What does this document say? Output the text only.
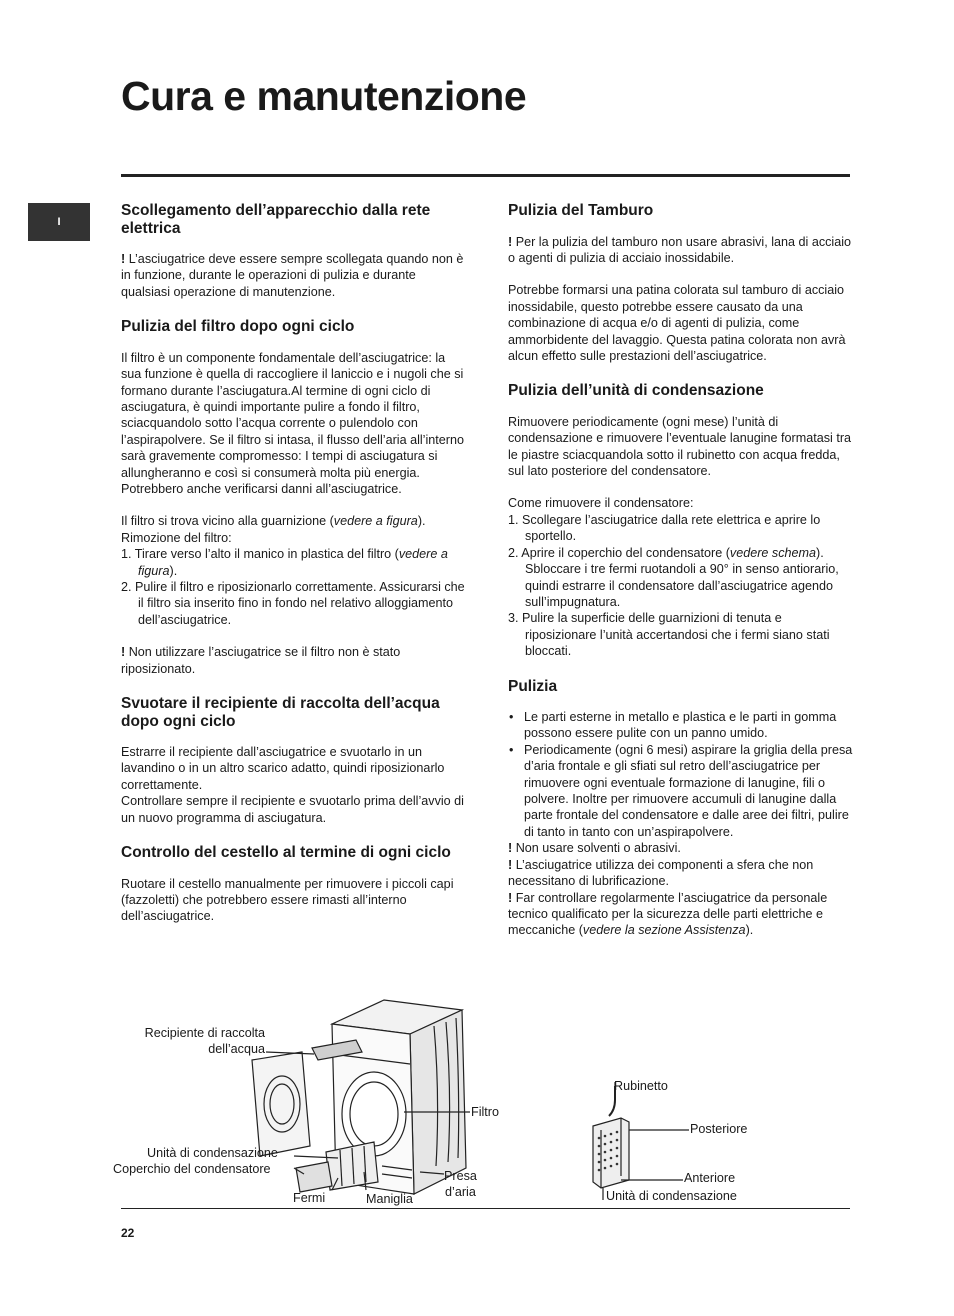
Cura e manutenzione
I
Scollegamento dell’apparecchio dalla rete elettrica

! L’asciugatrice deve essere sempre scollegata quando non è in funzione, durante le operazioni di pulizia e durante qualsiasi operazione di manutenzione.

Pulizia del filtro dopo ogni ciclo

Il filtro è un componente fondamentale dell’asciugatrice: la sua funzione è quella di raccogliere il laniccio e i nugoli che si formano durante l’asciugatura.Al termine di ogni ciclo di asciugatura, è quindi importante pulire a fondo il filtro, sciacquandolo sotto l’acqua corrente o pulendolo con l’aspirapolvere. Se il filtro si intasa, il flusso dell’aria all’interno sarà gravemente compromesso: I tempi di asciugatura si allungheranno e così si consumerà molta più energia. Potrebbero anche verificarsi danni all’asciugatrice.

Il filtro si trova vicino alla guarnizione (vedere a figura).

Rimozione del filtro:

1. Tirare verso l’alto il manico in plastica del filtro (vedere a figura).
2. Pulire il filtro e riposizionarlo correttamente. Assicurarsi che il filtro sia inserito fino in fondo nel relativo alloggiamento dell’asciugatrice.

! Non utilizzare l’asciugatrice se il filtro non è stato riposizionato.

Svuotare il recipiente di raccolta dell’acqua dopo ogni ciclo

Estrarre il recipiente dall’asciugatrice e svuotarlo in un lavandino o in un altro scarico adatto, quindi riposizionarlo correttamente.

Controllare sempre il recipiente e svuotarlo prima dell’avvio di un nuovo programma di asciugatura.

Controllo del cestello al termine di ogni ciclo

Ruotare il cestello manualmente per rimuovere i piccoli capi (fazzoletti) che potrebbero essere rimasti all’interno dell’asciugatrice.

Pulizia del Tamburo

! Per la pulizia del tamburo non usare abrasivi, lana di acciaio o agenti di pulizia di acciaio inossidabile.

Potrebbe formarsi una patina colorata sul tamburo di acciaio inossidabile, questo potrebbe essere causato da una combinazione di acqua e/o di agenti di pulizia, come ammorbidente del lavaggio. Questa patina colorata non avrà alcun effetto sulle prestazioni dell’asciugatrice.

Pulizia dell’unità di condensazione

Rimuovere periodicamente (ogni mese) l’unità di condensazione e rimuovere l’eventuale lanugine formatasi tra le piastre sciacquandola sotto il rubinetto con acqua fredda, sul lato posteriore del condensatore.

Come rimuovere il condensatore:

1. Scollegare l’asciugatrice dalla rete elettrica e aprire lo sportello.
2. Aprire il coperchio del condensatore (vedere schema). Sbloccare i tre fermi ruotandoli a 90° in senso antiorario, quindi estrarre il condensatore dall’asciugatrice agendo sull’impugnatura.
3. Pulire la superficie delle guarnizioni di tenuta e riposizionare l’unità accertandosi che i fermi siano stati bloccati.
Pulizia
• Le parti esterne in metallo e plastica e le parti in gomma possono essere pulite con un panno umido.
• Periodicamente (ogni 6 mesi) aspirare la griglia della presa d’aria frontale e gli sfiati sul retro dell’asciugatrice per rimuovere ogni eventuale formazione di lanugine, fili o polvere. Inoltre per rimuovere accumuli di lanugine dalla parte frontale del condensatore e dalle aree dei filtri, pulire di tanto in tanto con un’aspirapolvere.

! Non usare solventi o abrasivi.

! L’asciugatrice utilizza dei componenti a sfera che non necessitano di lubrificazione.

! Far controllare regolarmente l’asciugatrice da personale tecnico qualificato per la sicurezza delle parti elettriche e meccaniche (vedere la sezione Assistenza).

Recipiente di raccolta
dell’acqua
Filtro
Unità di condensazione
Coperchio del condensatore	Presa
d’aria
Fermi	Maniglia
Rubinetto
Posteriore
Anteriore
Unità di condensazione
22
